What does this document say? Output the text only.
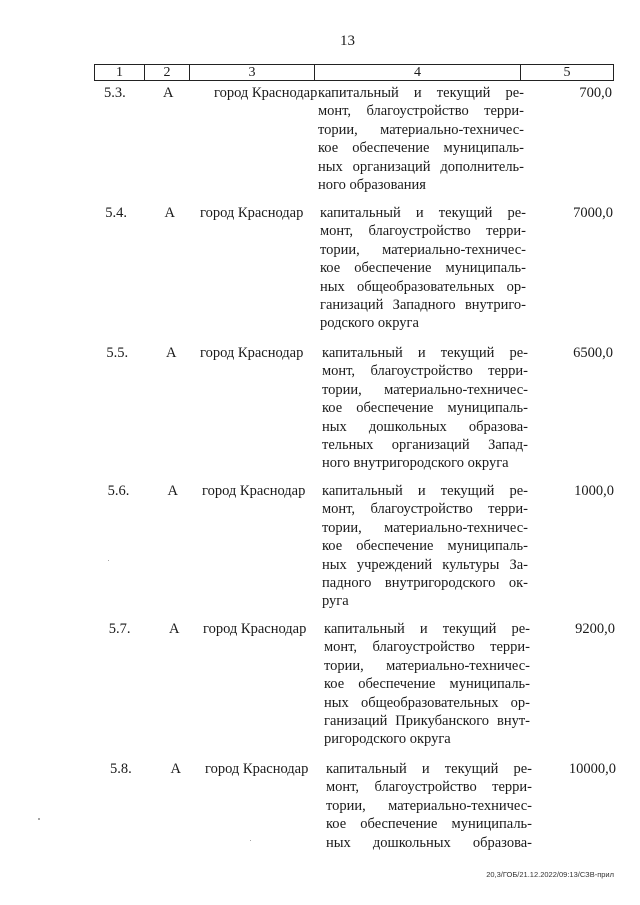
13
1	2	3	4	5
5.3.	А	город Краснодар капитальный и текущий ре-
монт, благоустройство терри-
тории, материально-техничес-
кое обеспечение муниципаль-
ных организаций дополнитель-
ного образования
700,0
5.4.	А	город Краснодар	капитальный и текущий ре-
монт, благоустройство терри-
тории, материально-техничес-
кое обеспечение муниципаль-
ных общеобразовательных ор-
ганизаций Западного внутриго-
родского округа
7000,0
5.5.	А	город Краснодар	капитальный и текущий ре-
монт, благоустройство терри-
тории, материально-техничес-
кое обеспечение муниципаль-
ных дошкольных образова-
тельных организаций Запад-
ного внутригородского округа
6500,0
5.6.	А	город Краснодар	капитальный и текущий ре-
монт, благоустройство терри-
тории, материально-техничес-
кое обеспечение муниципаль-
ных учреждений культуры За-
падного внутригородского ок-
руга
1000,0
5.7.	А	город Краснодар	капитальный и текущий ре-
монт, благоустройство терри-
тории, материально-техничес-
кое обеспечение муниципаль-
ных общеобразовательных ор-
ганизаций Прикубанского внут-
ригородского округа
9200,0
5.8.	А	город Краснодар	капитальный и текущий ре-
монт, благоустройство терри-
тории, материально-техничес-
кое обеспечение муниципаль-
ных дошкольных образова-
10000,0
20,3/ГОБ/21.12.2022/09:13/СЗВ-прил
